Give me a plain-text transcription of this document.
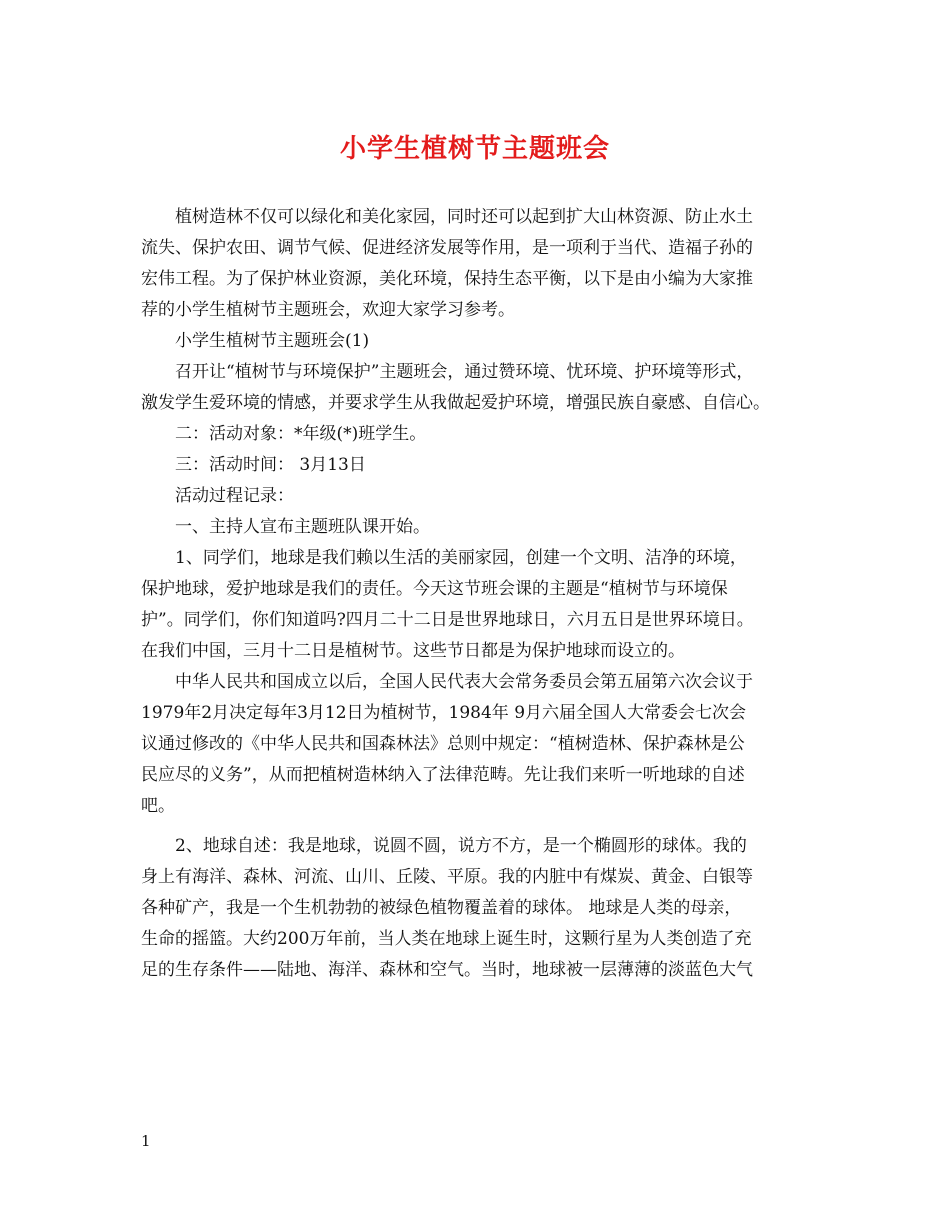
小学生植树节主题班会
植树造林不仅可以绿化和美化家园，同时还可以起到扩大山林资源、防止水土
流失、保护农田、调节气候、促进经济发展等作用，是一项利于当代、造福子孙的
宏伟工程。为了保护林业资源，美化环境，保持生态平衡，以下是由小编为大家推
荐的小学生植树节主题班会，欢迎大家学习参考。
小学生植树节主题班会(1)
召开让“植树节与环境保护”主题班会，通过赞环境、忧环境、护环境等形式，
激发学生爱环境的情感，并要求学生从我做起爱护环境，增强民族自豪感、自信心。
二：活动对象：*年级(*)班学生。
三：活动时间： 3月13日
活动过程记录：
一、主持人宣布主题班队课开始。
1、同学们，地球是我们赖以生活的美丽家园，创建一个文明、洁净的环境，
保护地球，爱护地球是我们的责任。今天这节班会课的主题是“植树节与环境保
护”。同学们，你们知道吗?四月二十二日是世界地球日，六月五日是世界环境日。
在我们中国，三月十二日是植树节。这些节日都是为保护地球而设立的。
中华人民共和国成立以后，全国人民代表大会常务委员会第五届第六次会议于
1979年2月决定每年3月12日为植树节，1984年 9月六届全国人大常委会七次会
议通过修改的《中华人民共和国森林法》总则中规定：“植树造林、保护森林是公
民应尽的义务”，从而把植树造林纳入了法律范畴。先让我们来听一听地球的自述
吧。
2、地球自述：我是地球，说圆不圆，说方不方，是一个椭圆形的球体。我的
身上有海洋、森林、河流、山川、丘陵、平原。我的内脏中有煤炭、黄金、白银等
各种矿产，我是一个生机勃勃的被绿色植物覆盖着的球体。 地球是人类的母亲，
生命的摇篮。大约200万年前，当人类在地球上诞生时，这颗行星为人类创造了充
足的生存条件——陆地、海洋、森林和空气。当时，地球被一层薄薄的淡蓝色大气
1
